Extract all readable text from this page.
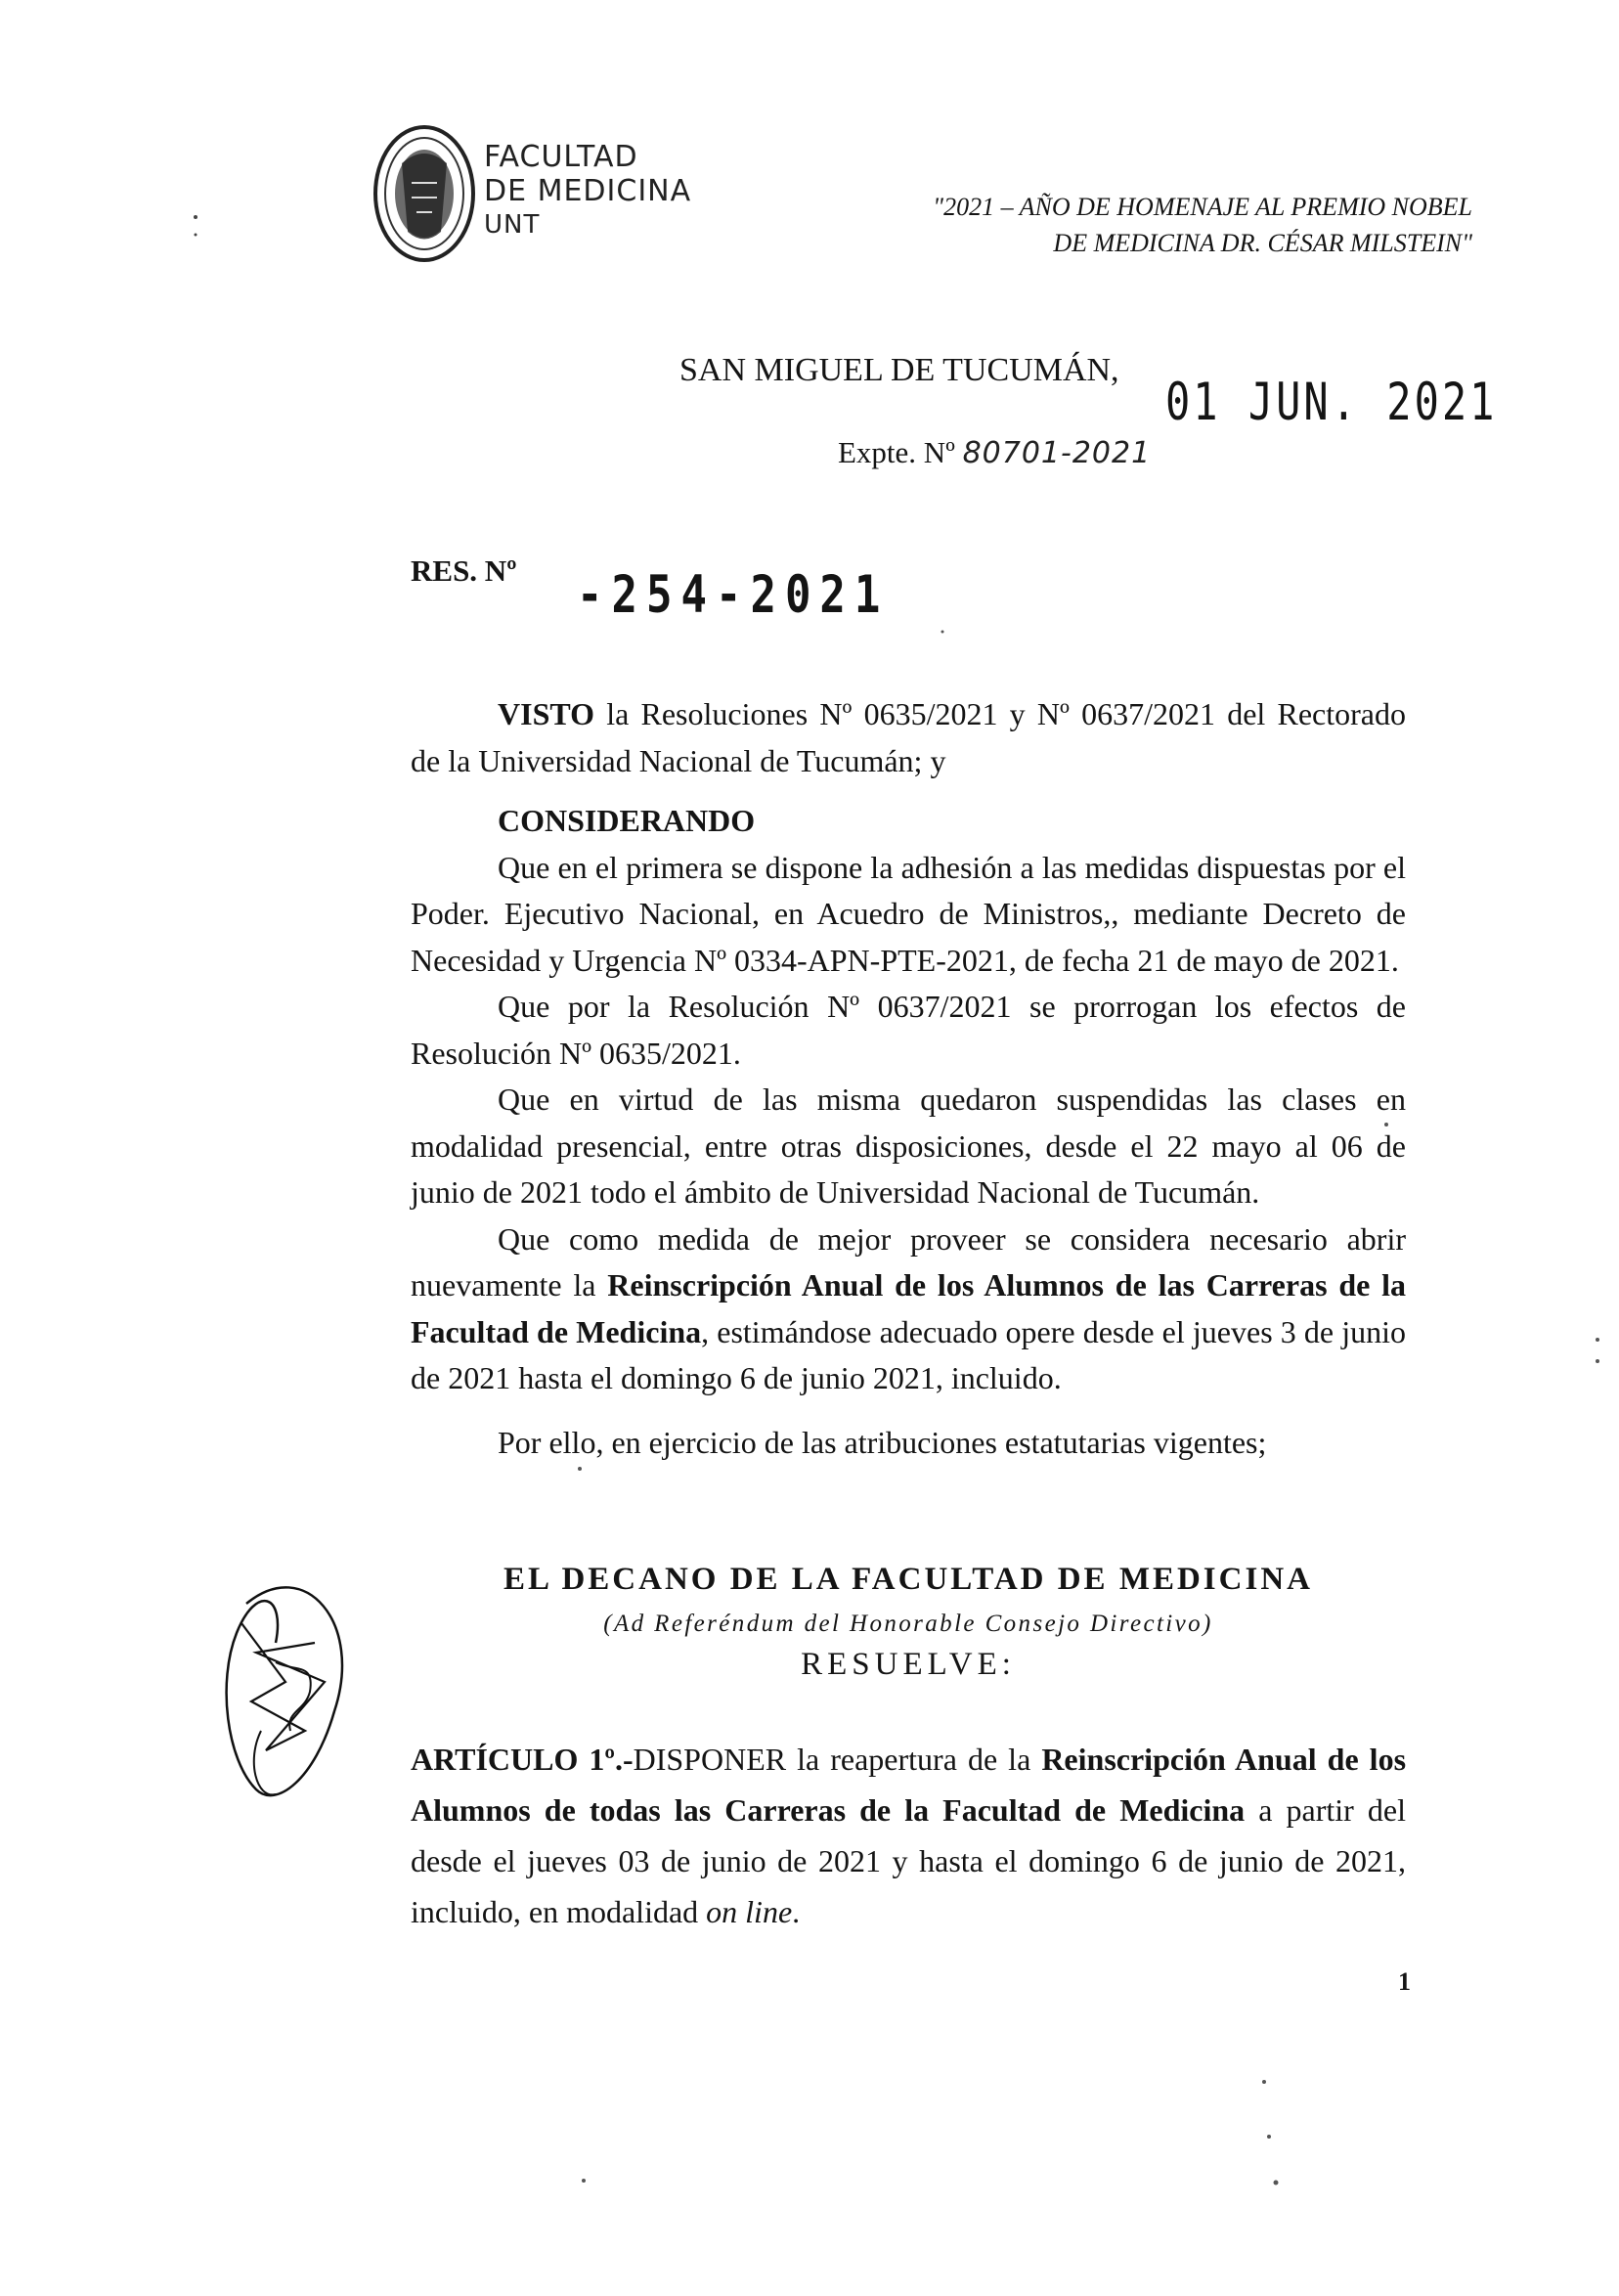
FACULTAD
DE MEDICINA
UNT
"2021 – AÑO DE HOMENAJE AL PREMIO NOBEL
DE MEDICINA DR. CÉSAR MILSTEIN"
SAN MIGUEL DE TUCUMÁN,
01 JUN. 2021
Expte. Nº 80701-2021
RES. Nº -254-2021

VISTO la Resoluciones Nº 0635/2021 y Nº 0637/2021 del Rectorado de la Universidad Nacional de Tucumán; y

CONSIDERANDO

Que en el primera se dispone la adhesión a las medidas dispuestas por el Poder. Ejecutivo Nacional, en Acuedro de Ministros,, mediante Decreto de Necesidad y Urgencia Nº 0334-APN-PTE-2021, de fecha 21 de mayo de 2021.

Que por la Resolución Nº 0637/2021 se prorrogan los efectos de Resolución Nº 0635/2021.

Que en virtud de las misma quedaron suspendidas las clases en modalidad presencial, entre otras disposiciones, desde el 22 mayo al 06 de junio de 2021 todo el ámbito de Universidad Nacional de Tucumán.

Que como medida de mejor proveer se considera necesario abrir nuevamente la Reinscripción Anual de los Alumnos de las Carreras de la Facultad de Medicina, estimándose adecuado opere desde el jueves 3 de junio de 2021 hasta el domingo 6 de junio 2021, incluido.

Por ello, en ejercicio de las atribuciones estatutarias vigentes;

EL DECANO DE LA FACULTAD DE MEDICINA
(Ad Referéndum del Honorable Consejo Directivo)
RESUELVE:

ARTÍCULO 1º.-DISPONER la reapertura de la Reinscripción Anual de los Alumnos de todas las Carreras de la Facultad de Medicina a partir del desde el jueves 03 de junio de 2021 y hasta el domingo 6 de junio de 2021, incluido, en modalidad on line.

1
